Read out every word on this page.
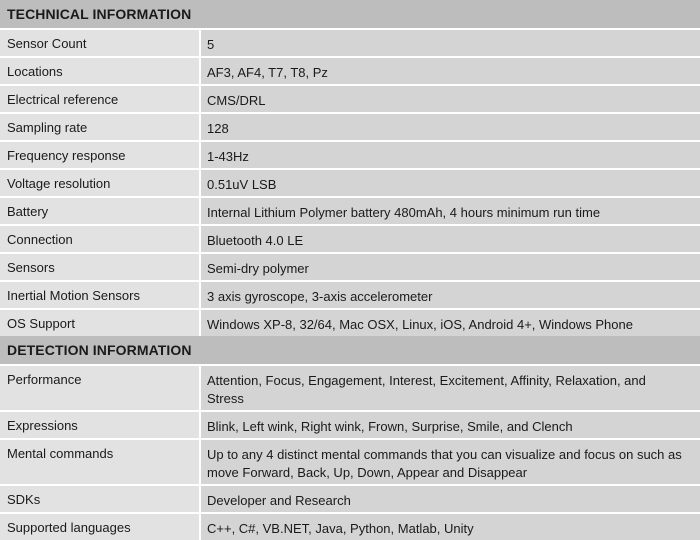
TECHNICAL INFORMATION	
Sensor Count	5
Locations	AF3, AF4, T7, T8, Pz
Electrical reference	CMS/DRL
Sampling rate	128
Frequency response	1-43Hz
Voltage resolution	0.51uV LSB
Battery	Internal Lithium Polymer battery 480mAh, 4 hours minimum run time
Connection	Bluetooth 4.0 LE
Sensors	Semi-dry polymer
Inertial Motion Sensors	3 axis gyroscope, 3-axis accelerometer
OS Support	Windows XP-8, 32/64, Mac OSX, Linux, iOS, Android 4+, Windows Phone
DETECTION INFORMATION	
Performance	Attention, Focus, Engagement, Interest, Excitement, Affinity, Relaxation, and Stress
Expressions	Blink, Left wink, Right wink, Frown, Surprise, Smile, and Clench
Mental commands	Up to any 4 distinct mental commands that you can visualize and focus on such as move Forward, Back, Up, Down, Appear and Disappear
SDKs	Developer and Research
Supported languages	C++, C#, VB.NET, Java, Python, Matlab, Unity
